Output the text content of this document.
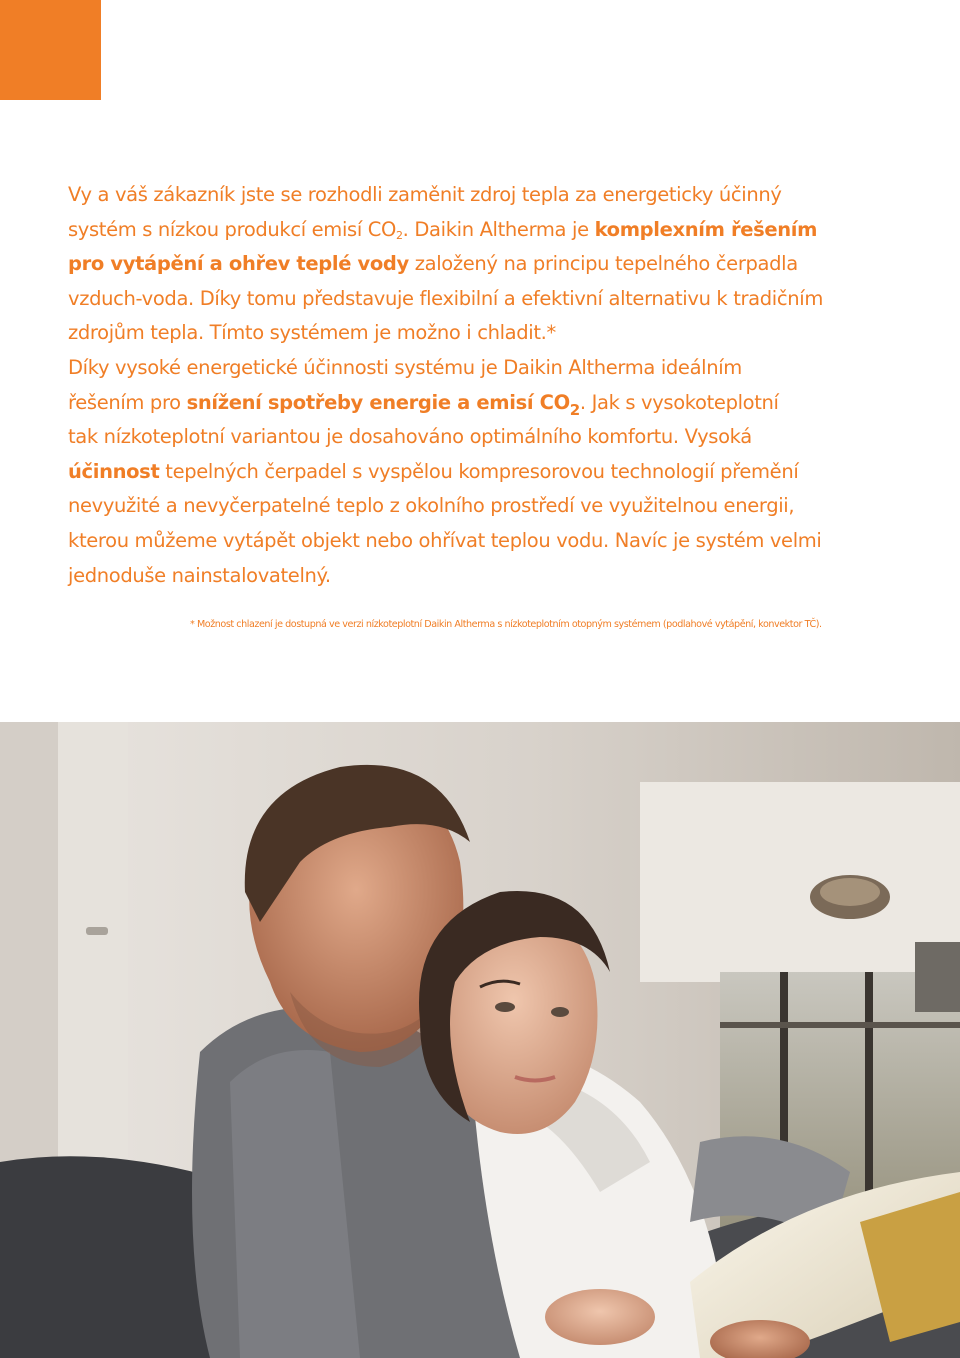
Vy a váš zákazník jste se rozhodli zaměnit zdroj tepla za energeticky účinný

systém s nízkou produkcí emisí $CO_2$. Daikin Altherma je komplexním řešením

pro vytápění a ohřev teplé vody založený na principu tepelného čerpadla

vzduch-voda. Díky tomu představuje flexibilní a efektivní alternativu k tradičním

zdrojům tepla. Tímto systémem je možno i chladit.*

Díky vysoké energetické účinnosti systému je Daikin Altherma ideálním

řešením pro snížení spotřeby energie a emisí $CO_2$. Jak s vysokoteplotní

tak nízkoteplotní variantou je dosahováno optimálního komfortu. Vysoká

účinnost tepelných čerpadel s vyspělou kompresorovou technologií přemění

nevyužité a nevyčerpatelné teplo z okolního prostředí ve využitelnou energii,

kterou můžeme vytápět objekt nebo ohřívat teplou vodu. Navíc je systém velmi

jednoduše nainstalovatelný.

* Možnost chlazení je dostupná ve verzi nízkoteplotní Daikin Altherma s nízkoteplotním otopným systémem (podlahové vytápění, konvektor TČ).
